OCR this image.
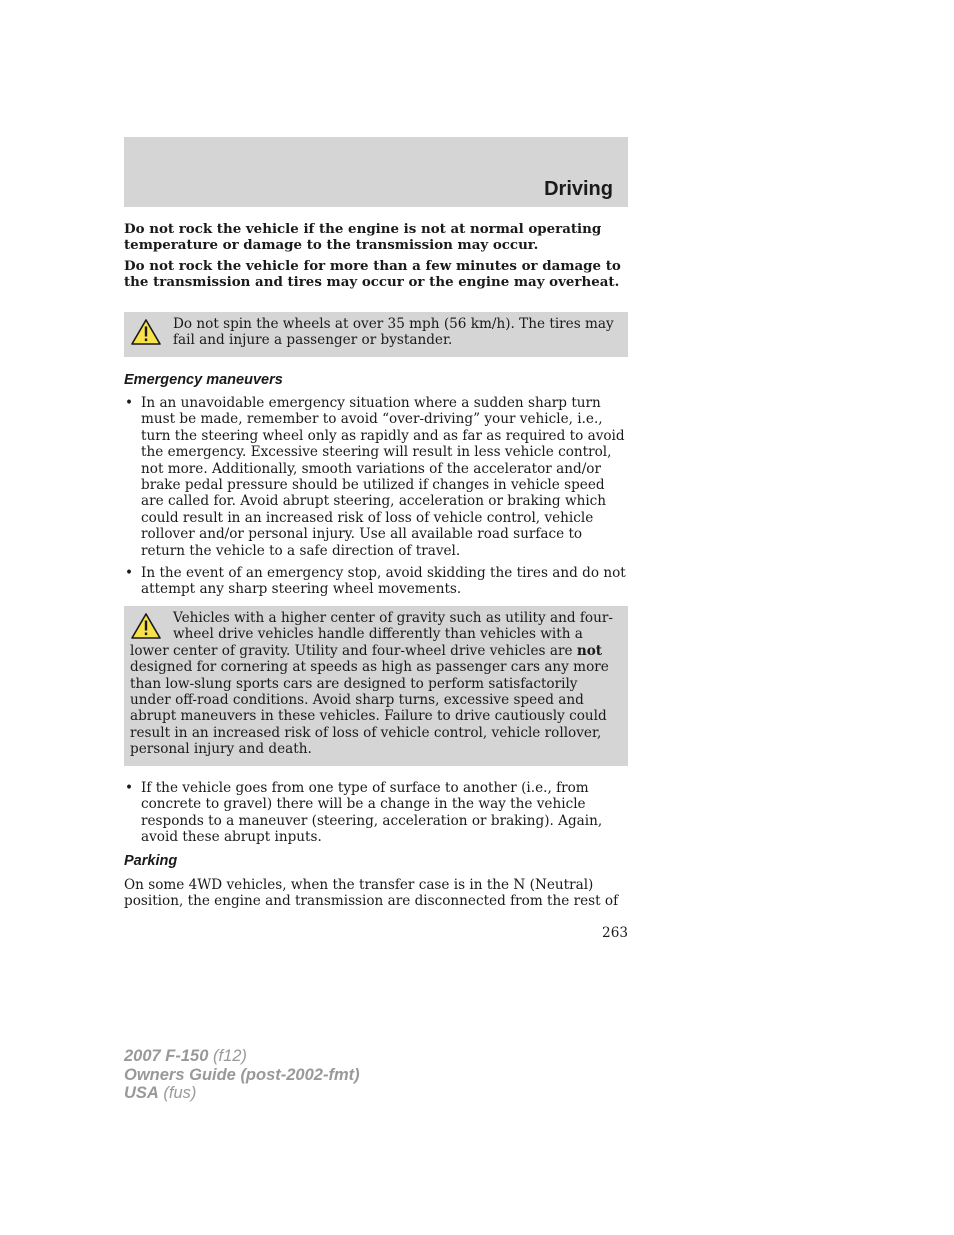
Driving

Do not rock the vehicle if the engine is not at normal operating temperature or damage to the transmission may occur.

Do not rock the vehicle for more than a few minutes or damage to the transmission and tires may occur or the engine may overheat.

Do not spin the wheels at over 35 mph (56 km/h). The tires may fail and injure a passenger or bystander.
Emergency maneuvers
• In an unavoidable emergency situation where a sudden sharp turn must be made, remember to avoid “over-driving” your vehicle, i.e., turn the steering wheel only as rapidly and as far as required to avoid the emergency. Excessive steering will result in less vehicle control, not more. Additionally, smooth variations of the accelerator and/or brake pedal pressure should be utilized if changes in vehicle speed are called for. Avoid abrupt steering, acceleration or braking which could result in an increased risk of loss of vehicle control, vehicle rollover and/or personal injury. Use all available road surface to return the vehicle to a safe direction of travel.
• In the event of an emergency stop, avoid skidding the tires and do not attempt any sharp steering wheel movements.
Vehicles with a higher center of gravity such as utility and four-wheel drive vehicles handle differently than vehicles with a lower center of gravity. Utility and four-wheel drive vehicles are not designed for cornering at speeds as high as passenger cars any more than low-slung sports cars are designed to perform satisfactorily under off-road conditions. Avoid sharp turns, excessive speed and abrupt maneuvers in these vehicles. Failure to drive cautiously could result in an increased risk of loss of vehicle control, vehicle rollover, personal injury and death.
• If the vehicle goes from one type of surface to another (i.e., from concrete to gravel) there will be a change in the way the vehicle responds to a maneuver (steering, acceleration or braking). Again, avoid these abrupt inputs.
Parking

On some 4WD vehicles, when the transfer case is in the N (Neutral) position, the engine and transmission are disconnected from the rest of

263
2007 F-150 (f12)
Owners Guide (post-2002-fmt)
USA (fus)
